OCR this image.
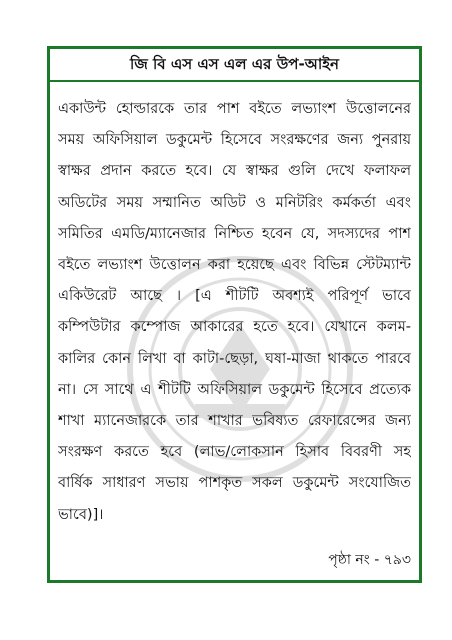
জি বি এস এস এল এর উপ-আইন
একাউন্ট হোল্ডারকে তার পাশ বইতে লভ্যাংশ উত্তোলনের
সময় অফিসিয়াল ডকুমেন্ট হিসেবে সংরক্ষণের জন্য পুনরায়
স্বাক্ষর প্রদান করতে হবে। যে স্বাক্ষর গুলি দেখে ফলাফল
অডিটের সময় সম্মানিত অডিট ও মনিটরিং কর্মকর্তা এবং
সমিতির এমডি/ম্যানেজার নিশ্চিত হবেন যে, সদস্যদের পাশ
বইতে লভ্যাংশ উত্তোলন করা হয়েছে এবং বিভিন্ন স্টেটম্যান্ট
একিউরেট আছে । [এ শীটটি অবশ্যই পরিপূর্ণ ভাবে
কম্পিউটার কম্পোজ আকারের হতে হবে। যেখানে কলম-
কালির কোন লিখা বা কাটা-ছেড়া, ঘষা-মাজা থাকতে পারবে
না। সে সাথে এ শীটটি অফিসিয়াল ডকুমেন্ট হিসেবে প্রত্যেক
শাখা ম্যানেজারকে তার শাখার ভবিষ্যত রেফারেন্সের জন্য
সংরক্ষণ করতে হবে (লাভ/লোকসান হিসাব বিবরণী সহ
বার্ষিক সাধারণ সভায় পাশকৃত সকল ডকুমেন্ট সংযোজিত
ভাবে)]।
পৃষ্ঠা নং - ৭৯৩
